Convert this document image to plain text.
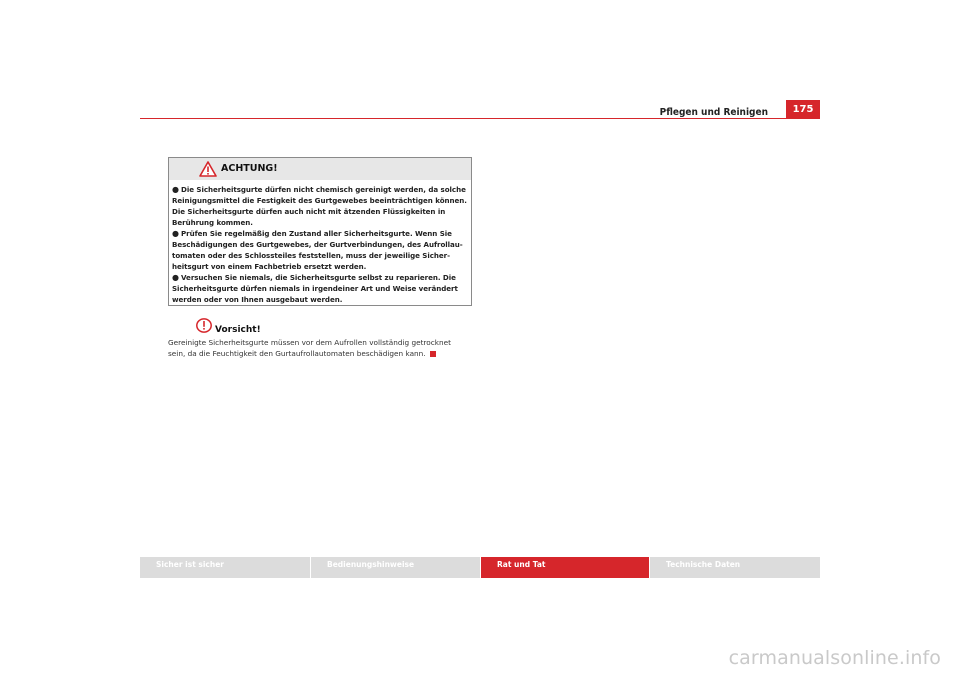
Pflegen und Reinigen	175
ACHTUNG!

● Die Sicherheitsgurte dürfen nicht chemisch gereinigt werden, da solche Reinigungsmittel die Festigkeit des Gurtgewebes beeinträchtigen können. Die Sicherheitsgurte dürfen auch nicht mit ätzenden Flüssigkeiten in Berührung kommen.

● Prüfen Sie regelmäßig den Zustand aller Sicherheitsgurte. Wenn Sie Beschädigungen des Gurtgewebes, der Gurtverbindungen, des Aufrollau-tomaten oder des Schlossteiles feststellen, muss der jeweilige Sicher-heitsgurt von einem Fachbetrieb ersetzt werden.

● Versuchen Sie niemals, die Sicherheitsgurte selbst zu reparieren. Die Sicherheitsgurte dürfen niemals in irgendeiner Art und Weise verändert werden oder von Ihnen ausgebaut werden.

Vorsicht!
Gereinigte Sicherheitsgurte müssen vor dem Aufrollen vollständig getrocknet sein, da die Feuchtigkeit den Gurtaufrollautomaten beschädigen kann.
Sicher ist sicher	Bedienungshinweise	Rat und Tat	Technische Daten
carmanualsonline.info
